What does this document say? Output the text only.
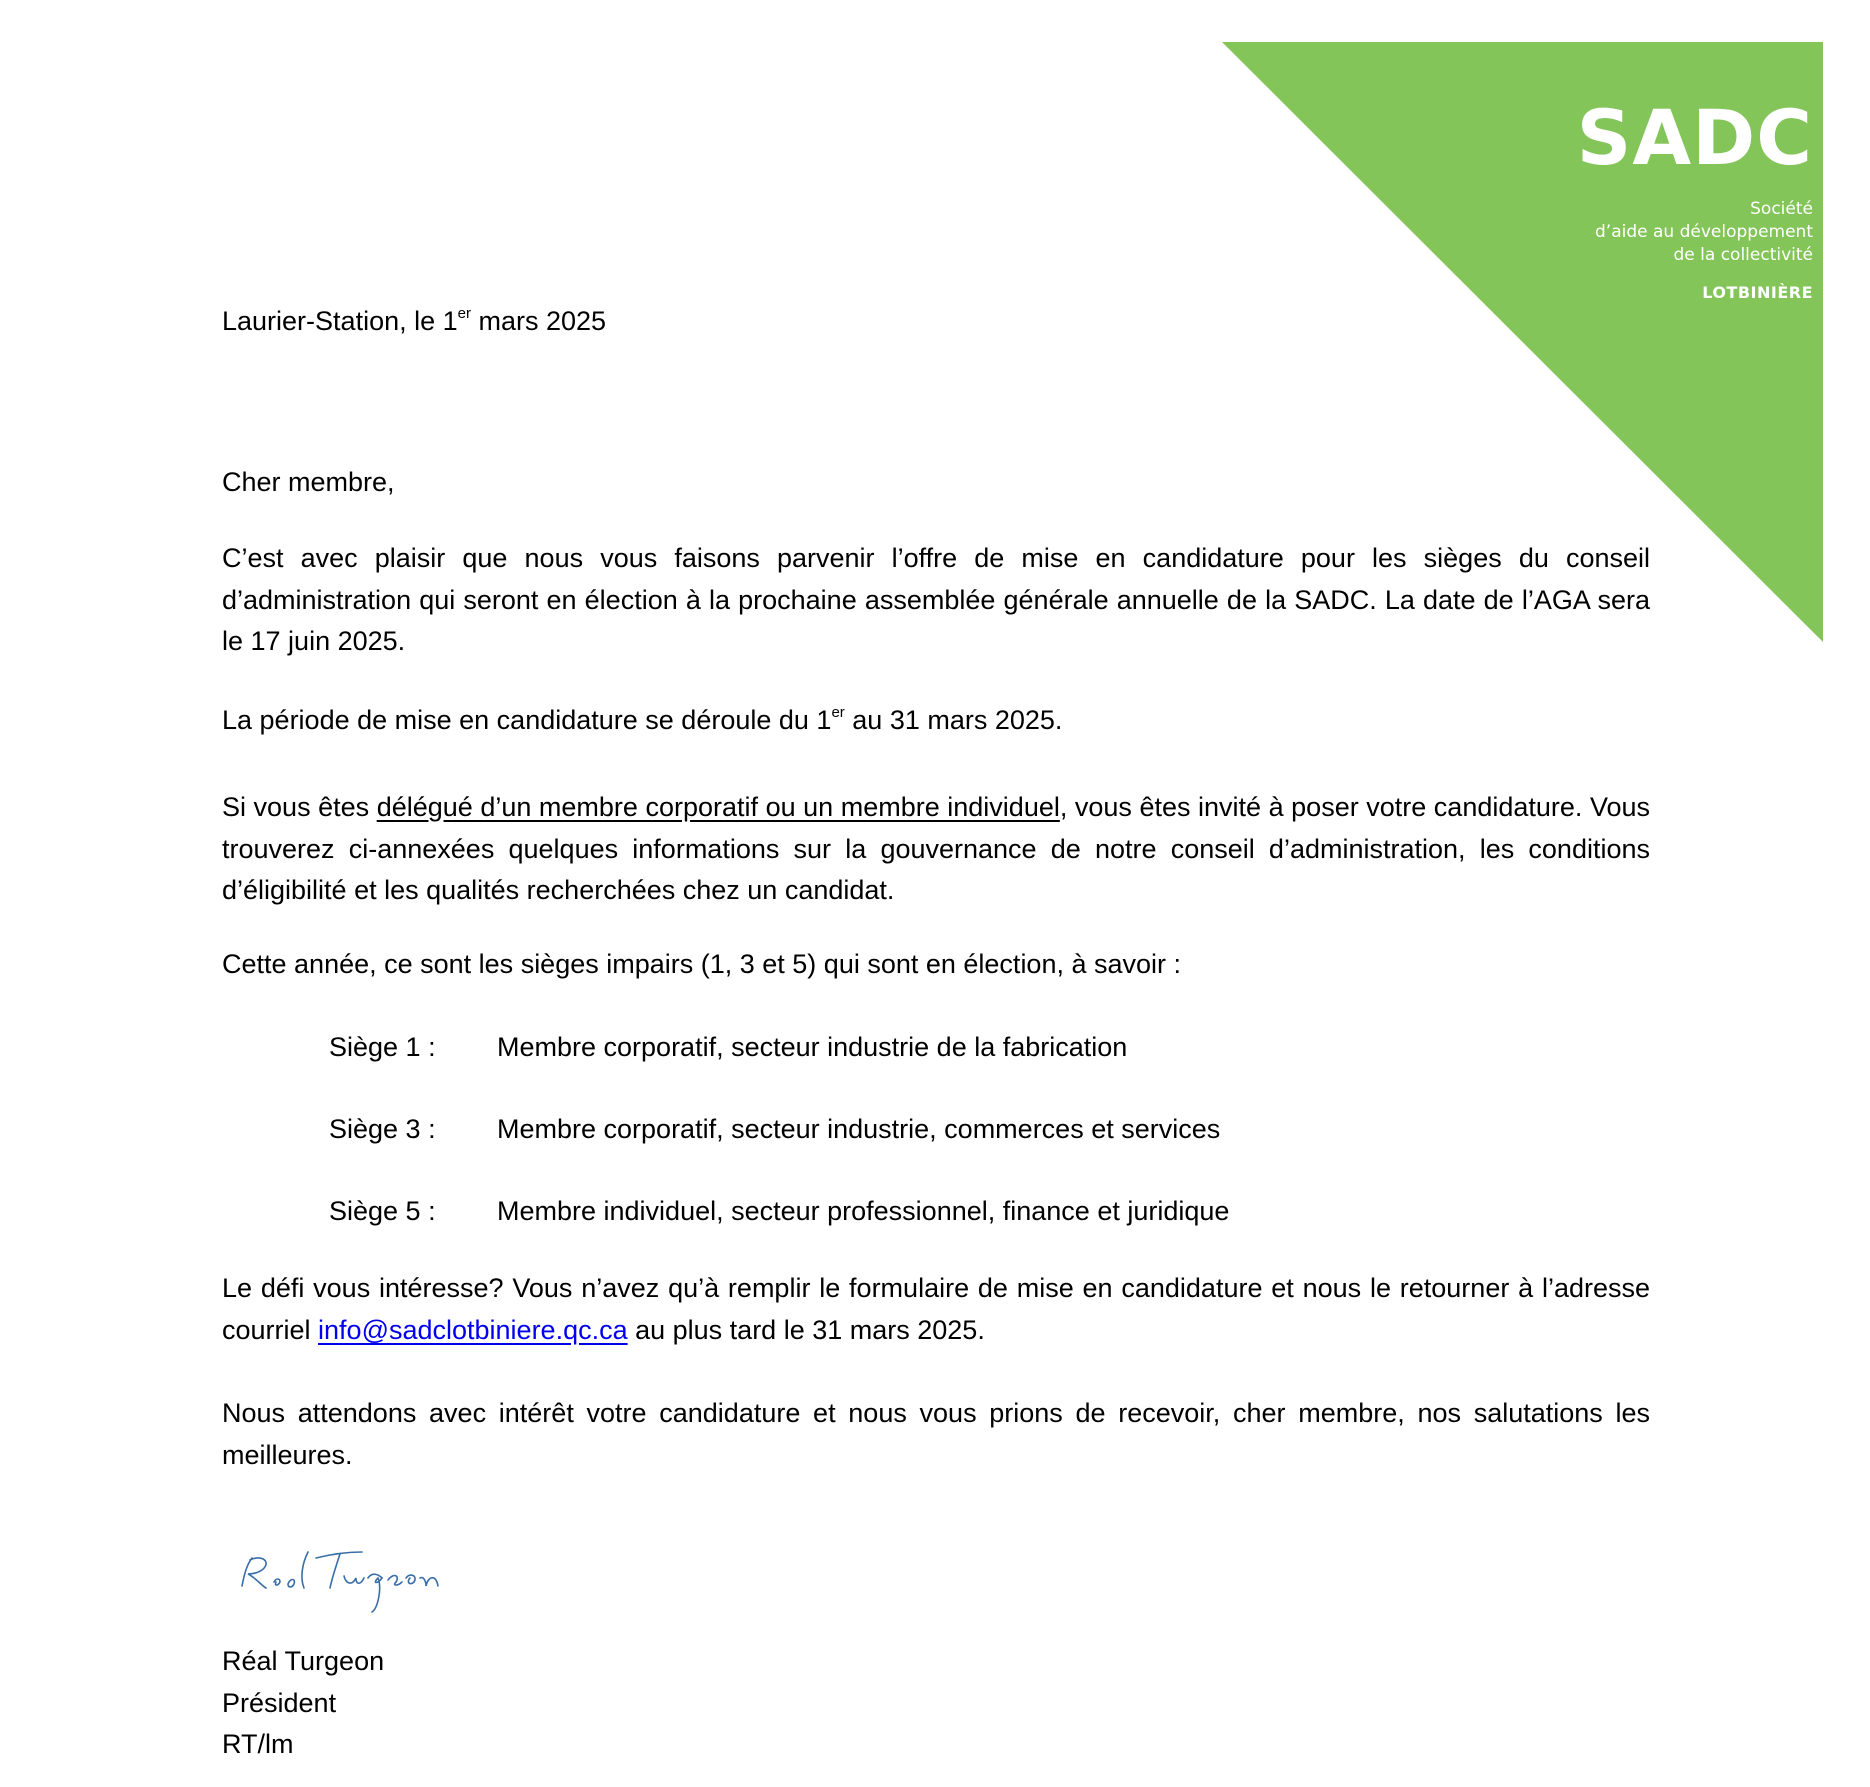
SADC
Société
d’aide au développement
de la collectivité
LOTBINIÈRE
Laurier-Station, le 1er mars 2025
Cher membre,
C’est avec plaisir que nous vous faisons parvenir l’offre de mise en candidature pour les sièges du conseil d’administration qui seront en élection à la prochaine assemblée générale annuelle de la SADC. La date de l’AGA sera le 17 juin 2025.
La période de mise en candidature se déroule du 1er au 31 mars 2025.
Si vous êtes délégué d’un membre corporatif ou un membre individuel, vous êtes invité à poser votre candidature. Vous trouverez ci-annexées quelques informations sur la gouvernance de notre conseil d’administration, les conditions d’éligibilité et les qualités recherchées chez un candidat.
Cette année, ce sont les sièges impairs (1, 3 et 5) qui sont en élection, à savoir :
Siège 1 : Membre corporatif, secteur industrie de la fabrication
Siège 3 : Membre corporatif, secteur industrie, commerces et services
Siège 5 : Membre individuel, secteur professionnel, finance et juridique
Le défi vous intéresse? Vous n’avez qu’à remplir le formulaire de mise en candidature et nous le retourner à l’adresse courriel info@sadclotbiniere.qc.ca au plus tard le 31 mars 2025.
Nous attendons avec intérêt votre candidature et nous vous prions de recevoir, cher membre, nos salutations les meilleures.
Réal Turgeon
Président
RT/lm
